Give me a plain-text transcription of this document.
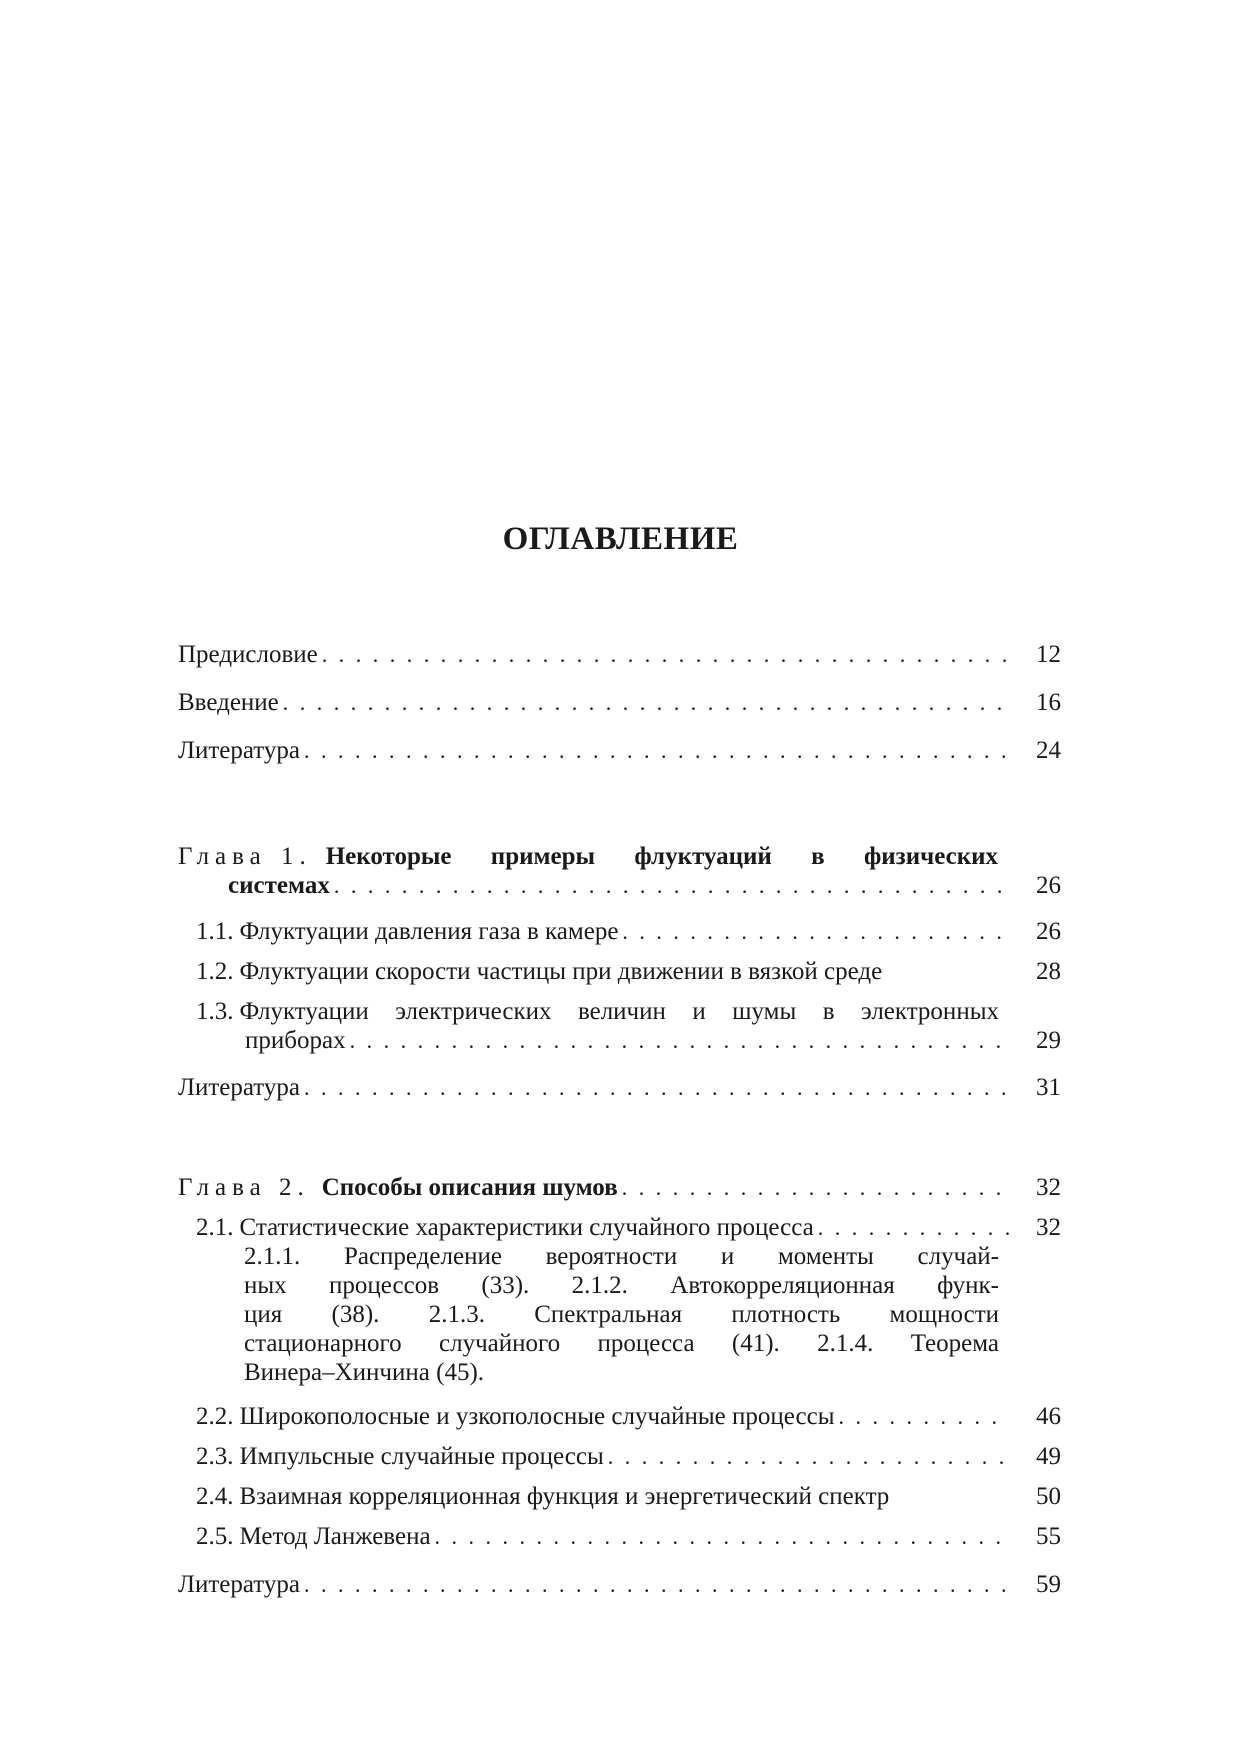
ОГЛАВЛЕНИЕ
Предисловие . . .	12
Введение . . .	16
Литература . . .	24
Глава 1. Некоторые примеры флуктуаций в физических
системах . . .	26
1.1. Флуктуации давления газа в камере . . .	26
1.2. Флуктуации скорости частицы при движении в вязкой среде	28
1.3. Флуктуации электрических величин и шумы в электронных
приборах . . .	29
Литература . . .	31
Глава 2. Способы описания шумов . . .	32
2.1. Статистические характеристики случайного процесса . . .	32
2.1.1. Распределение вероятности и моменты случай-
ных процессов (33). 2.1.2. Автокорреляционная функ-
ция (38). 2.1.3. Спектральная плотность мощности
стационарного случайного процесса (41). 2.1.4. Теорема
Винера–Хинчина (45).
2.2. Широкополосные и узкополосные случайные процессы . . .	46
2.3. Импульсные случайные процессы . . .	49
2.4. Взаимная корреляционная функция и энергетический спектр	50
2.5. Метод Ланжевена . . .	55
Литература . . .	59
